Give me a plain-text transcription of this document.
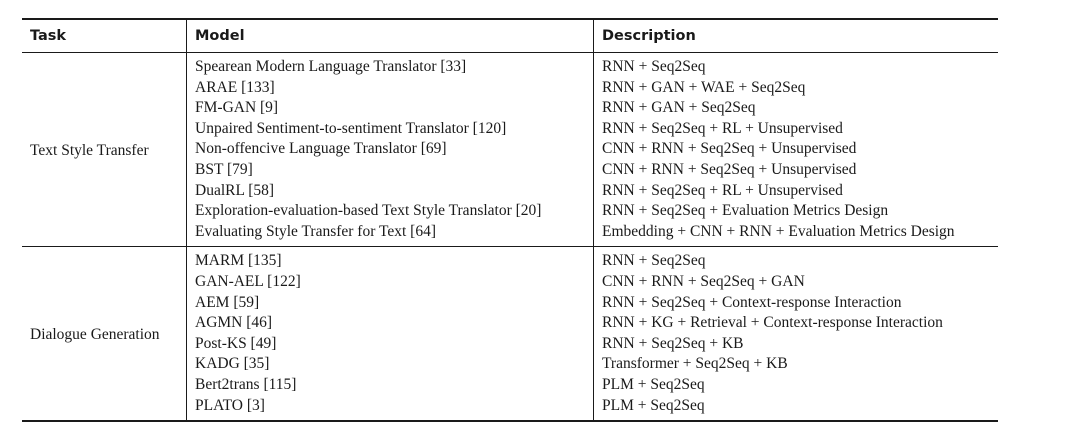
Task	Model	Description
Text Style Transfer	Spearean Modern Language Translator [33]	RNN + Seq2Seq
	ARAE [133]	RNN + GAN + WAE + Seq2Seq
	FM-GAN [9]	RNN + GAN + Seq2Seq
	Unpaired Sentiment-to-sentiment Translator [120]	RNN + Seq2Seq + RL + Unsupervised
	Non-offencive Language Translator [69]	CNN + RNN + Seq2Seq + Unsupervised
	BST [79]	CNN + RNN + Seq2Seq + Unsupervised
	DualRL [58]	RNN + Seq2Seq + RL + Unsupervised
	Exploration-evaluation-based Text Style Translator [20]	RNN + Seq2Seq + Evaluation Metrics Design
	Evaluating Style Transfer for Text [64]	Embedding + CNN + RNN + Evaluation Metrics Design
Dialogue Generation	MARM [135]	RNN + Seq2Seq
	GAN-AEL [122]	CNN + RNN + Seq2Seq + GAN
	AEM [59]	RNN + Seq2Seq + Context-response Interaction
	AGMN [46]	RNN + KG + Retrieval + Context-response Interaction
	Post-KS [49]	RNN + Seq2Seq + KB
	KADG [35]	Transformer + Seq2Seq + KB
	Bert2trans [115]	PLM + Seq2Seq
	PLATO [3]	PLM + Seq2Seq
